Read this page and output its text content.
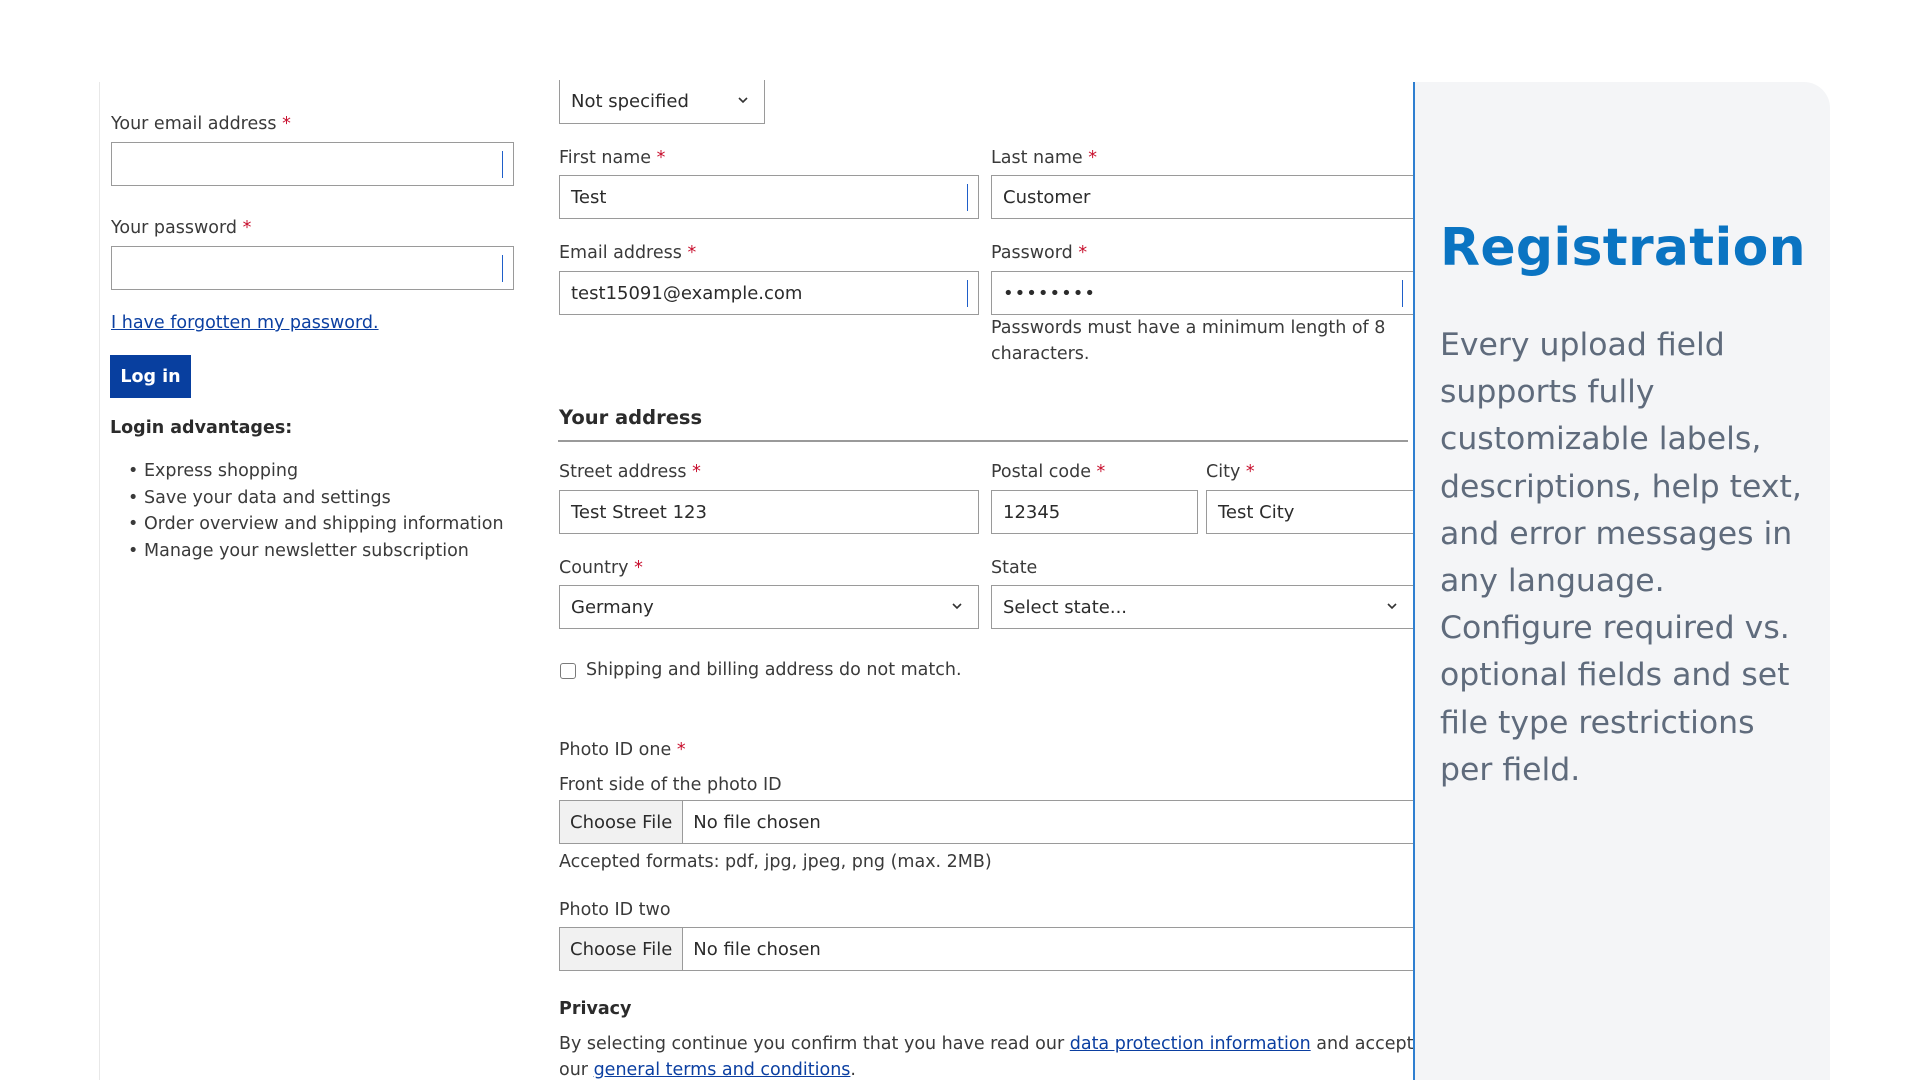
Your email address *
Your password *
I have forgotten my password.
Log in
Login advantages:
• Express shopping
• Save your data and settings
• Order overview and shipping information
• Manage your newsletter subscription
Not specified
First name *
Test
Last name *
Customer
Email address *
test15091@example.com
Password *
••••••••
Passwords must have a minimum length of 8
characters.
Your address
Street address *
Test Street 123
Postal code *
12345
City *
Test City
Country *
Germany
State
Select state...
Shipping and billing address do not match.
Photo ID one *
Front side of the photo ID
Choose File	No file chosen
Accepted formats: pdf, jpg, jpeg, png (max. 2MB)
Photo ID two
Choose File	No file chosen
Privacy
By selecting continue you confirm that you have read our data protection information and accept
our general terms and conditions.
Registration
Every upload field supports fully customizable labels, descriptions, help text, and error messages in any language. Configure required vs. optional fields and set file type restrictions per field.
